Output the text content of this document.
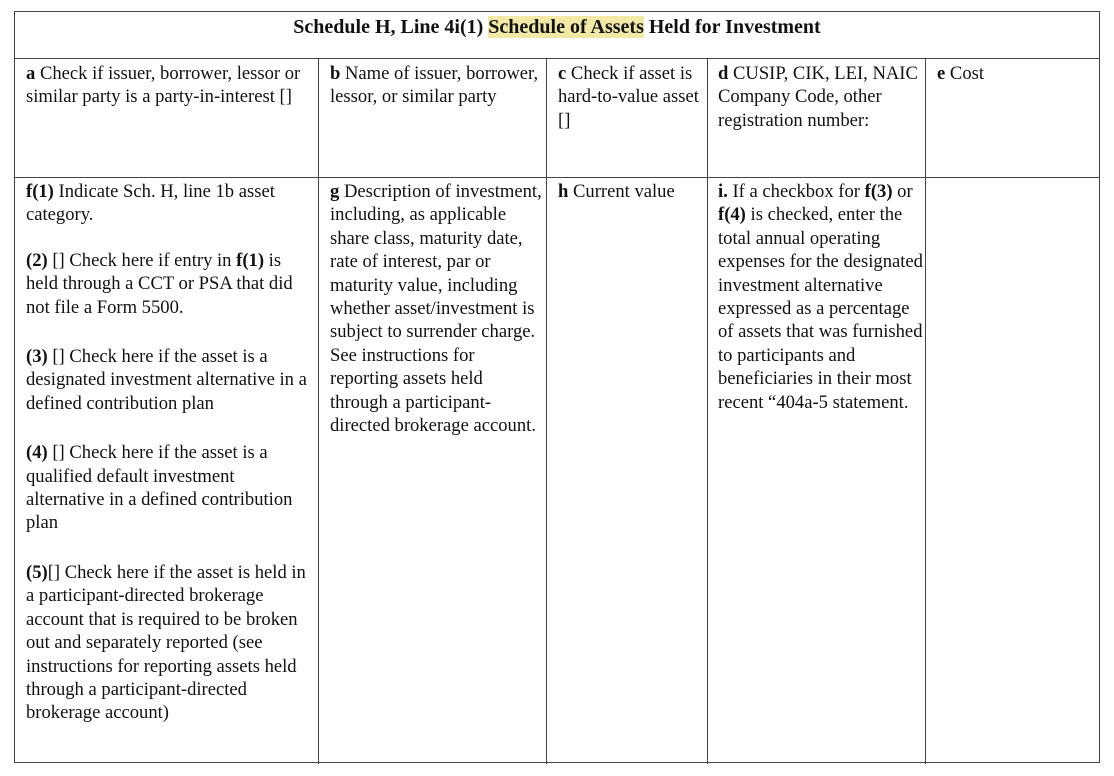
Schedule H, Line 4i(1) Schedule of Assets Held for Investment
a Check if issuer, borrower, lessor or similar party is a party-in-interest []
b Name of issuer, borrower, lessor, or similar party
c Check if asset is hard-to-value asset []
d CUSIP, CIK, LEI, NAIC Company Code, other registration number:
e Cost

f(1) Indicate Sch. H, line 1b asset category.

(2) [] Check here if entry in f(1) is held through a CCT or PSA that did not file a Form 5500.

(3) [] Check here if the asset is a designated investment alternative in a defined contribution plan

(4) [] Check here if the asset is a qualified default investment alternative in a defined contribution plan

(5)[] Check here if the asset is held in a participant-directed brokerage account that is required to be broken out and separately reported (see instructions for reporting assets held through a participant-directed brokerage account)

g Description of investment, including, as applicable share class, maturity date, rate of interest, par or maturity value, including whether asset/investment is subject to surrender charge. See instructions for reporting assets held through a participant-directed brokerage account.
h Current value	i. If a checkbox for f(3) or f(4) is checked, enter the total annual operating expenses for the designated investment alternative expressed as a percentage of assets that was furnished to participants and beneficiaries in their most recent “404a-5 statement.
